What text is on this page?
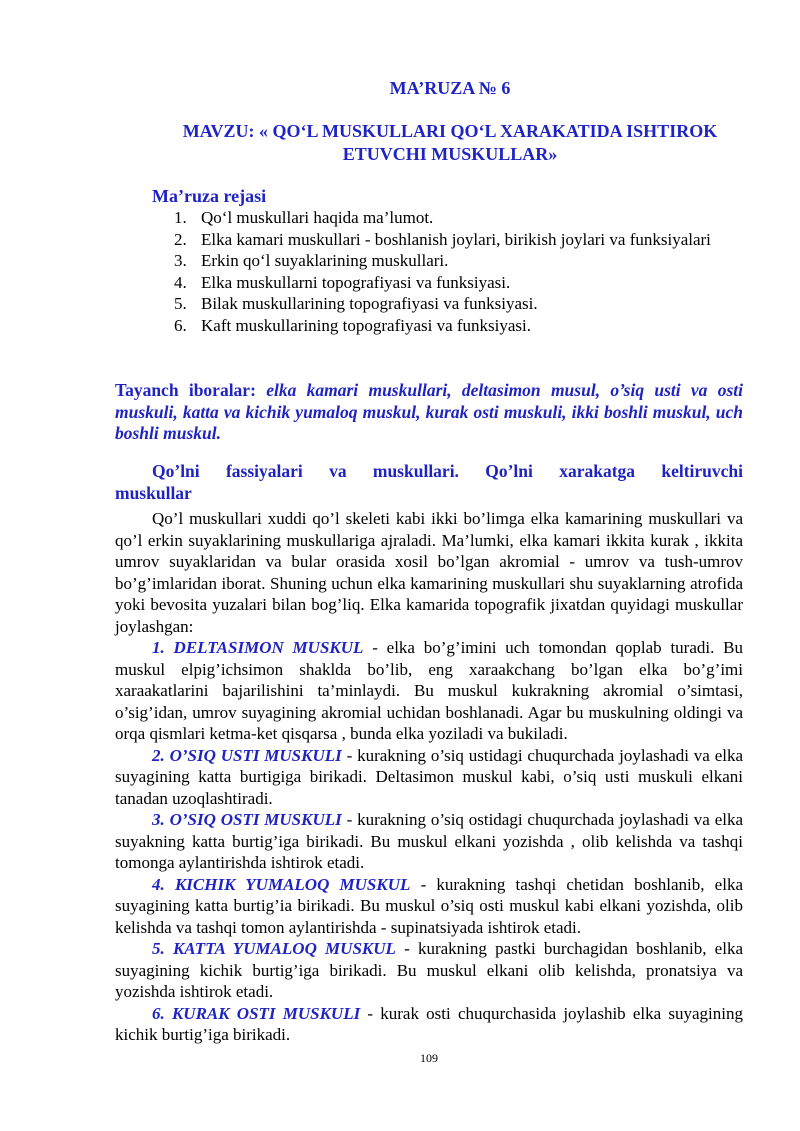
MA’RUZA № 6
MAVZU: « QO‘L MUSKULLARI QO‘L XARAKATIDA ISHTIROK ETUVCHI MUSKULLAR»
Ma’ruza rejasi
1. Qo‘l muskullari haqida ma’lumot.
2. Elka kamari muskullari - boshlanish joylari, birikish joylari va funksiyalari
3. Erkin qo‘l suyaklarining muskullari.
4. Elka muskullarni topografiyasi va funksiyasi.
5. Bilak muskullarining topografiyasi va funksiyasi.
6. Kaft muskullarining topografiyasi va funksiyasi.
Tayanch iboralar: elka kamari muskullari, deltasimon musul, o’siq usti va osti muskuli, katta va kichik yumaloq muskul, kurak osti muskuli, ikki boshli muskul, uch boshli muskul.
Qo’lni fassiyalari va muskullari. Qo’lni xarakatga keltiruvchi
muskullar

Qo’l muskullari xuddi qo’l skeleti kabi ikki bo’limga elka kamarining muskullari va qo’l erkin suyaklarining muskullariga ajraladi. Ma’lumki, elka kamari ikkita kurak , ikkita umrov suyaklaridan va bular orasida xosil bo’lgan akromial - umrov va tush-umrov bo’g’imlaridan iborat. Shuning uchun elka kamarining muskullari shu suyaklarning atrofida yoki bevosita yuzalari bilan bog’liq. Elka kamarida topografik jixatdan quyidagi muskullar joylashgan:

1. DELTASIMON MUSKUL - elka bo’g’imini uch tomondan qoplab turadi. Bu muskul elpig’ichsimon shaklda bo’lib, eng xaraakchang bo’lgan elka bo’g’imi xaraakatlarini bajarilishini ta’minlaydi. Bu muskul kukrakning akromial o’simtasi, o’sig’idan, umrov suyagining akromial uchidan boshlanadi. Agar bu muskulning oldingi va orqa qismlari ketma-ket qisqarsa , bunda elka yoziladi va bukiladi.

2. O’SIQ USTI MUSKULI - kurakning o’siq ustidagi chuqurchada joylashadi va elka suyagining katta burtigiga birikadi. Deltasimon muskul kabi, o’siq usti muskuli elkani tanadan uzoqlashtiradi.

3. O’SIQ OSTI MUSKULI - kurakning o’siq ostidagi chuqurchada joylashadi va elka suyakning katta burtig’iga birikadi. Bu muskul elkani yozishda , olib kelishda va tashqi tomonga aylantirishda ishtirok etadi.

4. KICHIK YUMALOQ MUSKUL - kurakning tashqi chetidan boshlanib, elka suyagining katta burtig’ia birikadi. Bu muskul o’siq osti muskul kabi elkani yozishda, olib kelishda va tashqi tomon aylantirishda - supinatsiyada ishtirok etadi.

5. KATTA YUMALOQ MUSKUL - kurakning pastki burchagidan boshlanib, elka suyagining kichik burtig’iga birikadi. Bu muskul elkani olib kelishda, pronatsiya va yozishda ishtirok etadi.

6. KURAK OSTI MUSKULI - kurak osti chuqurchasida joylashib elka suyagining kichik burtig’iga birikadi.

109
